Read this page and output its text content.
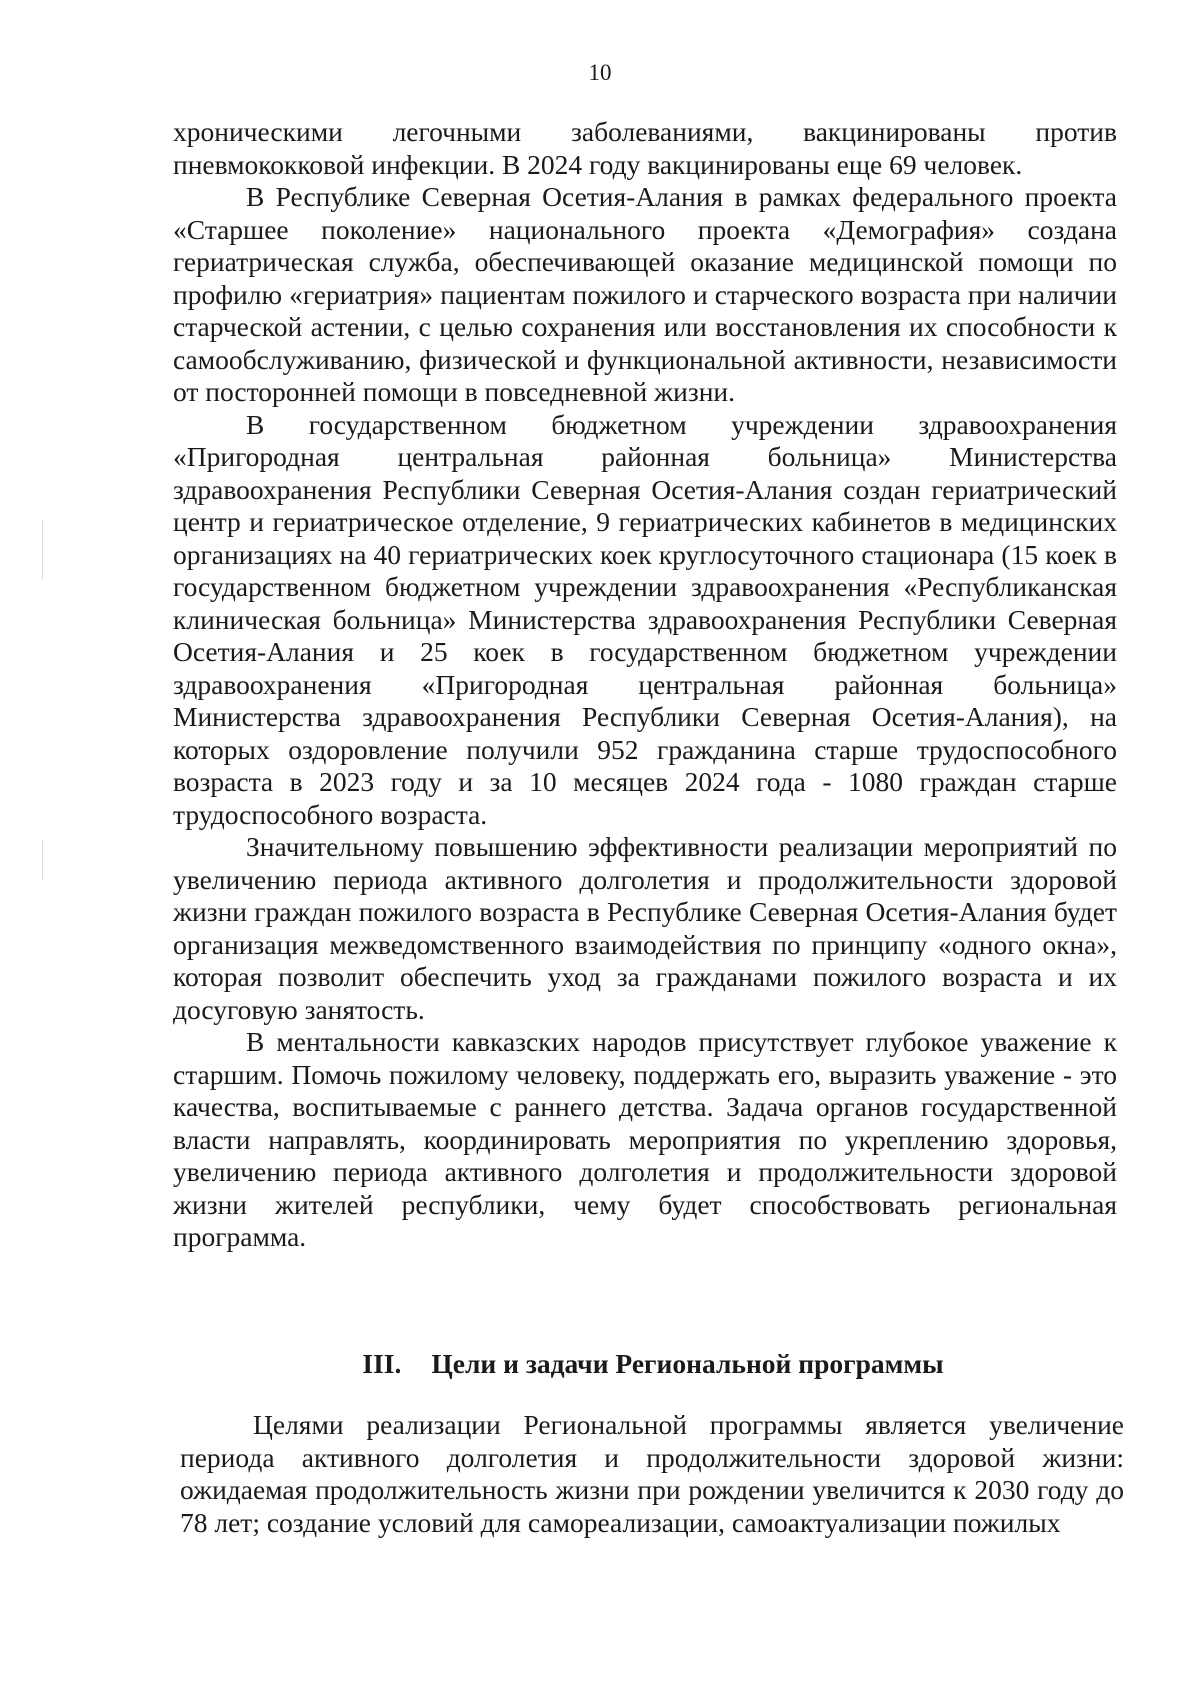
10

хроническими легочными заболеваниями, вакцинированы против пневмококковой инфекции. В 2024 году вакцинированы еще 69 человек.

В Республике Северная Осетия-Алания в рамках федерального проекта «Старшее поколение» национального проекта «Демография» создана гериатрическая служба, обеспечивающей оказание медицинской помощи по профилю «гериатрия» пациентам пожилого и старческого возраста при наличии старческой астении, с целью сохранения или восстановления их способности к самообслуживанию, физической и функциональной активности, независимости от посторонней помощи в повседневной жизни.

В государственном бюджетном учреждении здравоохранения «Пригородная центральная районная больница» Министерства здравоохранения Республики Северная Осетия-Алания создан гериатрический центр и гериатрическое отделение, 9 гериатрических кабинетов в медицинских организациях на 40 гериатрических коек круглосуточного стационара (15 коек в государственном бюджетном учреждении здравоохранения «Республиканская клиническая больница» Министерства здравоохранения Республики Северная Осетия-Алания и 25 коек в государственном бюджетном учреждении здравоохранения «Пригородная центральная районная больница» Министерства здравоохранения Республики Северная Осетия-Алания), на которых оздоровление получили 952 гражданина старше трудоспособного возраста в 2023 году и за 10 месяцев 2024 года - 1080 граждан старше трудоспособного возраста.

Значительному повышению эффективности реализации мероприятий по увеличению периода активного долголетия и продолжительности здоровой жизни граждан пожилого возраста в Республике Северная Осетия-Алания будет организация межведомственного взаимодействия по принципу «одного окна», которая позволит обеспечить уход за гражданами пожилого возраста и их досуговую занятость.

В ментальности кавказских народов присутствует глубокое уважение к старшим. Помочь пожилому человеку, поддержать его, выразить уважение - это качества, воспитываемые с раннего детства. Задача органов государственной власти направлять, координировать мероприятия по укреплению здоровья, увеличению периода активного долголетия и продолжительности здоровой жизни жителей республики, чему будет способствовать региональная программа.

III. Цели и задачи Региональной программы

Целями реализации Региональной программы является увеличение периода активного долголетия и продолжительности здоровой жизни: ожидаемая продолжительность жизни при рождении увеличится к 2030 году до 78 лет; создание условий для самореализации, самоактуализации пожилых
